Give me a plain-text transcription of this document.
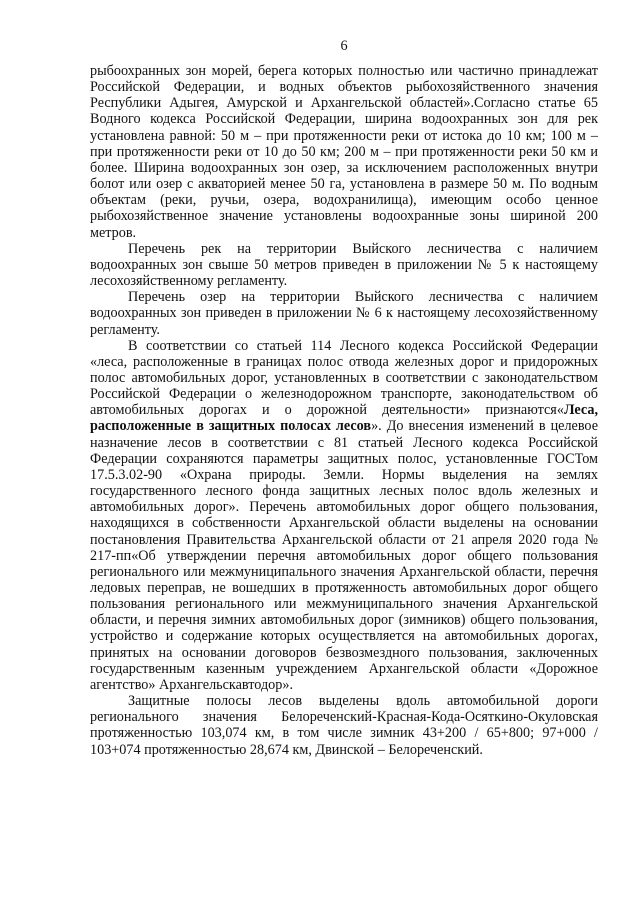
6

рыбоохранных зон морей, берега которых полностью или частично принадлежат Российской Федерации, и водных объектов рыбохозяйственного значения Республики Адыгея, Амурской и Архангельской областей».Согласно статье 65 Водного кодекса Российской Федерации, ширина водоохранных зон для рек установлена равной: 50 м – при протяженности реки от истока до 10 км; 100 м – при протяженности реки от 10 до 50 км; 200 м – при протяженности реки 50 км и более. Ширина водоохранных зон озер, за исключением расположенных внутри болот или озер с акваторией менее 50 га, установлена в размере 50 м. По водным объектам (реки, ручьи, озера, водохранилища), имеющим особо ценное рыбохозяйственное значение установлены водоохранные зоны шириной 200 метров.

Перечень рек на территории Выйского лесничества с наличием водоохранных зон свыше 50 метров приведен в приложении № 5 к настоящему лесохозяйственному регламенту.

Перечень озер на территории Выйского лесничества с наличием водоохранных зон приведен в приложении № 6 к настоящему лесохозяйственному регламенту.

В соответствии со статьей 114 Лесного кодекса Российской Федерации «леса, расположенные в границах полос отвода железных дорог и придорожных полос автомобильных дорог, установленных в соответствии с законодательством Российской Федерации о железнодорожном транспорте, законодательством об автомобильных дорогах и о дорожной деятельности» признаются«Леса, расположенные в защитных полосах лесов». До внесения изменений в целевое назначение лесов в соответствии с 81 статьей Лесного кодекса Российской Федерации сохраняются параметры защитных полос, установленные ГОСТом 17.5.3.02-90 «Охрана природы. Земли. Нормы выделения на землях государственного лесного фонда защитных лесных полос вдоль железных и автомобильных дорог». Перечень автомобильных дорог общего пользования, находящихся в собственности Архангельской области выделены на основании постановления Правительства Архангельской области от 21 апреля 2020 года № 217-пп«Об утверждении перечня автомобильных дорог общего пользования регионального или межмуниципального значения Архангельской области, перечня ледовых переправ, не вошедших в протяженность автомобильных дорог общего пользования регионального или межмуниципального значения Архангельской области, и перечня зимних автомобильных дорог (зимников) общего пользования, устройство и содержание которых осуществляется на автомобильных дорогах, принятых на основании договоров безвозмездного пользования, заключенных государственным казенным учреждением Архангельской области «Дорожное агентство» Архангельскавтодор».

Защитные полосы лесов выделены вдоль автомобильной дороги регионального значения Белореченский-Красная-Кода-Осяткино-Окуловская протяженностью 103,074 км, в том числе зимник 43+200 / 65+800; 97+000 / 103+074 протяженностью 28,674 км, Двинской – Белореченский.
